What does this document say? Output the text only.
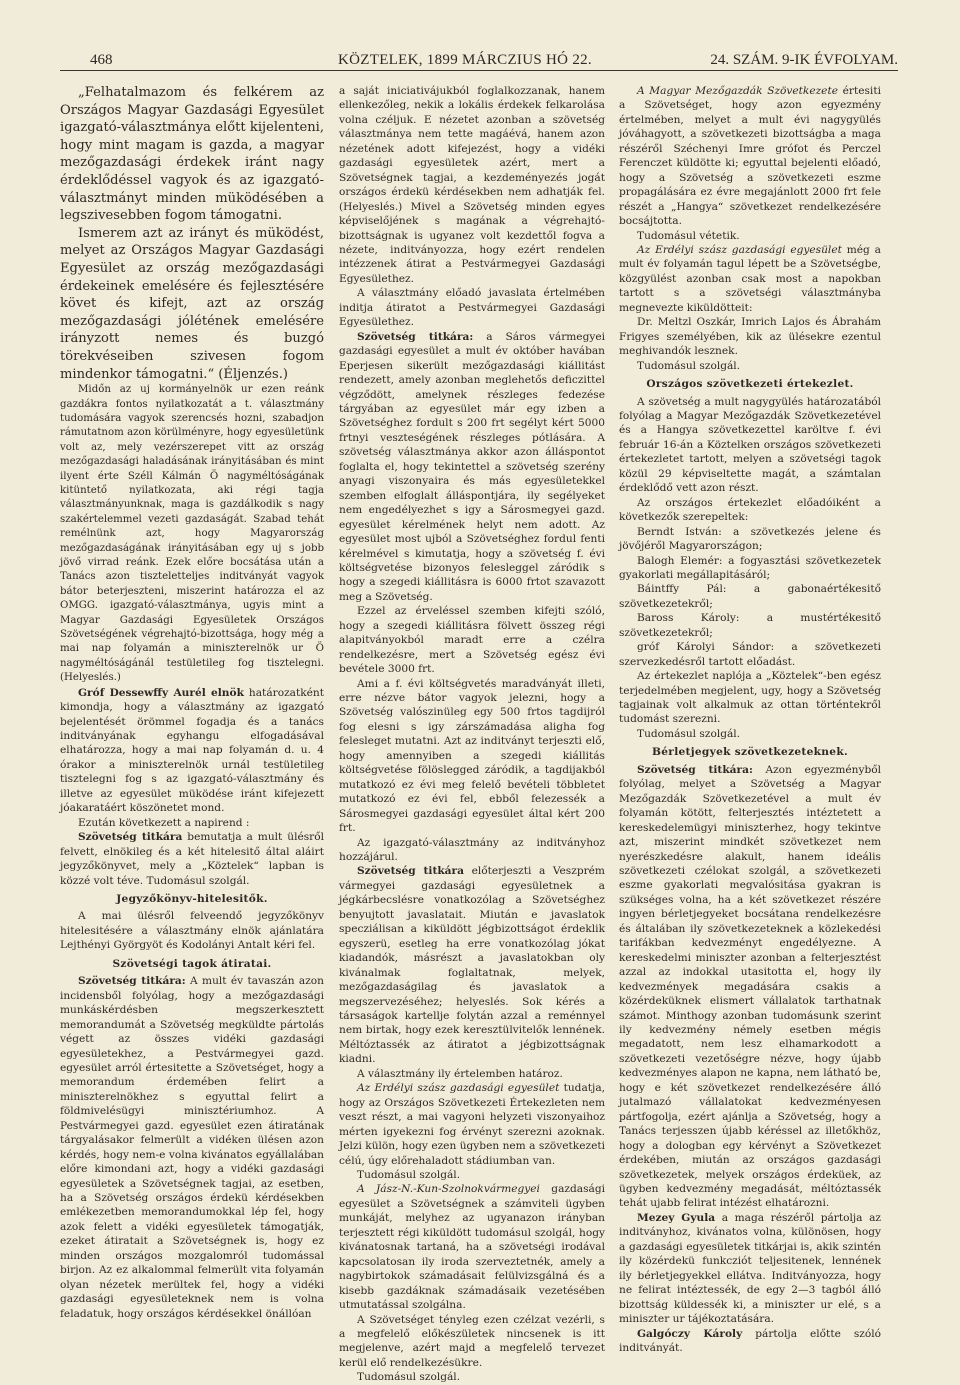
468	KÖZTELEK, 1899 MÁRCZIUS HÓ 22.	24. SZÁM. 9-IK ÉVFOLYAM.

„Felhatalmazom és felkérem az Országos Magyar Gazdasági Egyesület igazgató-választmánya előtt kijelenteni, hogy mint magam is gazda, a magyar mezőgazdasági érdekek iránt nagy érdeklődéssel vagyok és az igazgató-választmányt minden müködésében a legszivesebben fogom támogatni.

Ismerem azt az irányt és müködést, melyet az Országos Magyar Gazdasági Egyesület az ország mezőgazdasági érdekeinek emelésére és fejlesztésére követ és kifejt, azt az ország mezőgazdasági jólétének emelésére irányzott nemes és buzgó törekvéseiben szivesen fogom mindenkor támogatni.“ (Éljenzés.)

Midőn az uj kormányelnök ur ezen reánk gazdákra fontos nyilatkozatát a t. választmány tudomására vagyok szerencsés hozni, szabadjon rámutatnom azon körülményre, hogy egyesületünk volt az, mely vezérszerepet vitt az ország mezőgazdasági haladásának irányitásában és mint ilyent érte Széll Kálmán Ö nagyméltóságának kitüntető nyilatkozata, aki régi tagja választmányunknak, maga is gazdálkodik s nagy szakértelemmel vezeti gazdaságát. Szabad tehát remélnünk azt, hogy Magyarország mezőgazdaságának irányitásában egy uj s jobb jövő virrad reánk. Ezek előre bocsátása után a Tanács azon tiszteletteljes inditványát vagyok bátor beterjeszteni, miszerint határozza el az OMGG. igazgató-választmánya, ugyis mint a Magyar Gazdasági Egyesületek Országos Szövetségének végrehajtó-bizottsága, hogy még a mai nap folyamán a miniszterelnök ur Ö nagyméltóságánál testületileg fog tisztelegni. (Helyeslés.)

Gróf Dessewffy Aurél elnök határozatként kimondja, hogy a választmány az igazgató bejelentését örömmel fogadja és a tanács inditványának egyhangu elfogadásával elhatározza, hogy a mai nap folyamán d. u. 4 órakor a miniszterelnök urnál testületileg tisztelegni fog s az igazgató-választmány és illetve az egyesület müködése iránt kifejezett jóakaratáért köszönetet mond.

Ezután következett a napirend :

Szövetség titkára bemutatja a mult ülésről felvett, elnökileg és a két hitelesitő által aláirt jegyzőkönyvet, mely a „Köztelek“ lapban is közzé volt téve. Tudomásul szolgál.

Jegyzőkönyv-hitelesitők.

A mai ülésről felveendő jegyzőkönyv hitelesitésére a választmány elnök ajánlatára Lejthényi Györgyöt és Kodolányi Antalt kéri fel.

Szövetségi tagok átiratai.

Szövetség titkára: A mult év tavaszán azon incidensből folyólag, hogy a mezőgazdasági munkáskérdésben megszerkesztett memorandumát a Szövetség megküldte pártolás végett az összes vidéki gazdasági egyesületekhez, a Pestvármegyei gazd. egyesület arról értesitette a Szövetséget, hogy a memorandum érdemében felirt a miniszterelnökhez s egyuttal felirt a földmivelésügyi minisztériumhoz. A Pestvármegyei gazd. egyesület ezen átiratának tárgyalásakor felmerült a vidéken ülésen azon kérdés, hogy nem-e volna kivánatos egyállalában előre kimondani azt, hogy a vidéki gazdasági egyesületek a Szövetségnek tagjai, az esetben, ha a Szövetség országos érdekü kérdésekben emlékezetben memorandumokkal lép fel, hogy azok felett a vidéki egyesületek támogatják, ezeket átiratait a Szövetségnek is, hogy ez minden országos mozgalomról tudomással birjon. Az ez alkalommal felmerült vita folyamán olyan nézetek merültek fel, hogy a vidéki gazdasági egyesületeknek nem is volna feladatuk, hogy országos kérdésekkel önállóan

a saját iniciativájukból foglalkozzanak, hanem ellenkezőleg, nekik a lokális érdekek felkarolása volna czéljuk. E nézetet azonban a szövetség választmánya nem tette magáévá, hanem azon nézetének adott kifejezést, hogy a vidéki gazdasági egyesületek azért, mert a Szövetségnek tagjai, a kezdeményezés jogát országos érdekü kérdésekben nem adhatják fel. (Helyeslés.) Mivel a Szövetség minden egyes képviselőjének s magának a végrehajtó-bizottságnak is ugyanez volt kezdettől fogva a nézete, inditványozza, hogy ezért rendelen intézzenek átirat a Pestvármegyei Gazdasági Egyesülethez.

A választmány előadó javaslata értelmében inditja átiratot a Pestvármegyei Gazdasági Egyesülethez.

Szövetség titkára: a Sáros vármegyei gazdasági egyesület a mult év október havában Eperjesen sikerült mezőgazdasági kiállitást rendezett, amely azonban meglehetős deficzittel végződött, amelynek részleges fedezése tárgyában az egyesület már egy izben a Szövetséghez fordult s 200 frt segélyt kért 5000 frtnyi veszteségének részleges pótlására. A szövetség választmánya akkor azon álláspontot foglalta el, hogy tekintettel a szövetség szerény anyagi viszonyaira és más egyesületekkel szemben elfoglalt álláspontjára, ily segélyeket nem engedélyezhet s igy a Sárosmegyei gazd. egyesület kérelmének helyt nem adott. Az egyesület most ujból a Szövetséghez fordul fenti kérelmével s kimutatja, hogy a szövetség f. évi költségvetése bizonyos felesleggel záródik s hogy a szegedi kiállitásra is 6000 frtot szavazott meg a Szövetség.

Ezzel az érveléssel szemben kifejti szóló, hogy a szegedi kiállitásra fölvett összeg régi alapitványokból maradt erre a czélra rendelkezésre, mert a Szövetség egész évi bevétele 3000 frt.

Ami a f. évi költségvetés maradványát illeti, erre nézve bátor vagyok jelezni, hogy a Szövetség valószinüleg egy 500 frtos tagdijról fog elesni s igy zárszámadása aligha fog felesleget mutatni. Azt az inditványt terjeszti elő, hogy amennyiben a szegedi kiállitás költségvetése fölöslegged záródik, a tagdijakból mutatkozó ez évi meg felelő bevételi többletet mutatkozó ez évi fel, ebből felezessék a Sárosmegyei gazdasági egyesület által kért 200 frt.

Az igazgató-választmány az inditványhoz hozzájárul.

Szövetség titkára előterjeszti a Veszprém vármegyei gazdasági egyesületnek a jégkárbecslésre vonatkozólag a Szövetséghez benyujtott javaslatait. Miután e javaslatok specziálisan a kiküldött jégbizottságot érdeklik egyszerü, esetleg ha erre vonatkozólag jókat kiadandók, másrészt a javaslatokban oly kivánalmak foglaltatnak, melyek, mezőgazdaságilag és javaslatok a megszervezéséhez; helyeslés. Sok kérés a társaságok kartellje folytán azzal a reménnyel nem birtak, hogy ezek keresztülvitelők lennének. Méltóztassék az átiratot a jégbizottságnak kiadni.

A választmány ily értelemben határoz.

Az Erdélyi szász gazdasági egyesület tudatja, hogy az Országos Szövetkezeti Értekezleten nem veszt részt, a mai vagyoni helyzeti viszonyaihoz mérten igyekezni fog érvényt szerezni azoknak. Jelzi külön, hogy ezen ügyben nem a szövetkezeti célú, úgy előrehaladott stádiumban van.

Tudomásul szolgál.

A Jász-N.-Kun-Szolnokvármegyei gazdasági egyesület a Szövetségnek a számviteli ügyben munkáját, melyhez az ugyanazon irányban terjesztett régi kiküldött tudomásul szolgál, hogy kivánatosnak tartaná, ha a szövetségi irodával kapcsolatosan ily iroda szerveztetnék, amely a nagybirtokok számadásait felülvizsgálná és a kisebb gazdáknak számadásaik vezetésében utmutatással szolgálna.

A Szövetséget tényleg ezen czélzat vezérli, s a megfelelő előkészületek nincsenek is itt megjelenve, azért majd a megfelelő tervezet kerül elő rendelkezésükre.

Tudomásul szolgál.

A Magyar Mezőgazdák Szövetkezete értesiti a Szövetséget, hogy azon egyezmény értelmében, melyet a mult évi nagygyülés jóváhagyott, a szövetkezeti bizottságba a maga részéről Széchenyi Imre grófot és Perczel Ferenczet küldötte ki; egyuttal bejelenti előadó, hogy a Szövetség a szövetkezeti eszme propagálására ez évre megajánlott 2000 frt fele részét a „Hangya“ szövetkezet rendelkezésére bocsájtotta.

Tudomásul vétetik.

Az Erdélyi szász gazdasági egyesület még a mult év folyamán tagul lépett be a Szövetségbe, közgyülést azonban csak most a napokban tartott s a szövetségi választmányba megnevezte kiküldötteit:

Dr. Meltzl Oszkár, Imrich Lajos és Ábrahám Frigyes személyében, kik az ülésekre ezentul meghivandók lesznek.

Tudomásul szolgál.

Országos szövetkezeti értekezlet.

A szövetség a mult nagygyülés határozatából folyólag a Magyar Mezőgazdák Szövetkezetével és a Hangya szövetkezettel karöltve f. évi február 16-án a Köztelken országos szövetkezeti értekezletet tartott, melyen a szövetségi tagok közül 29 képviseltette magát, a számtalan érdeklődő vett azon részt.

Az országos értekezlet előadóiként a következők szerepeltek:

Berndt István: a szövetkezés jelene és jövőjéről Magyarországon;

Balogh Elemér: a fogyasztási szövetkezetek gyakorlati megállapitásáról;

Báintffy Pál: a gabonaértékesitő szövetkezetekről;

Baross Károly: a mustértékesitő szövetkezetekről;

gróf Károlyi Sándor: a szövetkezeti szervezkedésről tartott előadást.

Az értekezlet naplója a „Köztelek“-ben egész terjedelmében megjelent, ugy, hogy a Szövetség tagjainak volt alkalmuk az ottan történtekről tudomást szerezni.

Tudomásul szolgál.

Bérletjegyek szövetkezeteknek.

Szövetség titkára: Azon egyezményből folyólag, melyet a Szövetség a Magyar Mezőgazdák Szövetkezetével a mult év folyamán kötött, felterjesztés intéztetett a kereskedelemügyi miniszterhez, hogy tekintve azt, miszerint mindkét szövetkezet nem nyerészkedésre alakult, hanem ideális szövetkezeti czélokat szolgál, a szövetkezeti eszme gyakorlati megvalósitása gyakran is szükséges volna, ha a két szövetkezet részére ingyen bérletjegyeket bocsátana rendelkezésre és általában ily szövetkezeteknek a közlekedési tarifákban kedvezményt engedélyezne. A kereskedelmi miniszter azonban a felterjesztést azzal az indokkal utasitotta el, hogy ily kedvezmények megadására csakis a közérdeküknek elismert vállalatok tarthatnak számot. Minthogy azonban tudomásunk szerint ily kedvezmény némely esetben mégis megadatott, nem lesz elhamarkodott a szövetkezeti vezetőségre nézve, hogy újabb kedvezményes alapon ne kapna, nem látható be, hogy e két szövetkezet rendelkezésére álló jutalmazó vállalatokat kedvezményesen pártfogolja, ezért ajánlja a Szövetség, hogy a Tanács terjesszen újabb kéréssel az illetőkhöz, hogy a dologban egy kérvényt a Szövetkezet érdekében, miután az országos gazdasági szövetkezetek, melyek országos érdeküek, az ügyben kedvezmény megadását, méltóztassék tehát ujabb felirat intézést elhatározni.

Mezey Gyula a maga részéről pártolja az inditványhoz, kivánatos volna, különösen, hogy a gazdasági egyesületek titkárjai is, akik szintén ily közérdekü funkcziót teljesitenek, lennének ily bérletjegyekkel ellátva. Inditványozza, hogy ne felirat intéztessék, de egy 2—3 tagból álló bizottság küldessék ki, a miniszter ur elé, s a miniszter ur tájékoztatására.

Galgóczy Károly pártolja előtte szóló inditványát.
